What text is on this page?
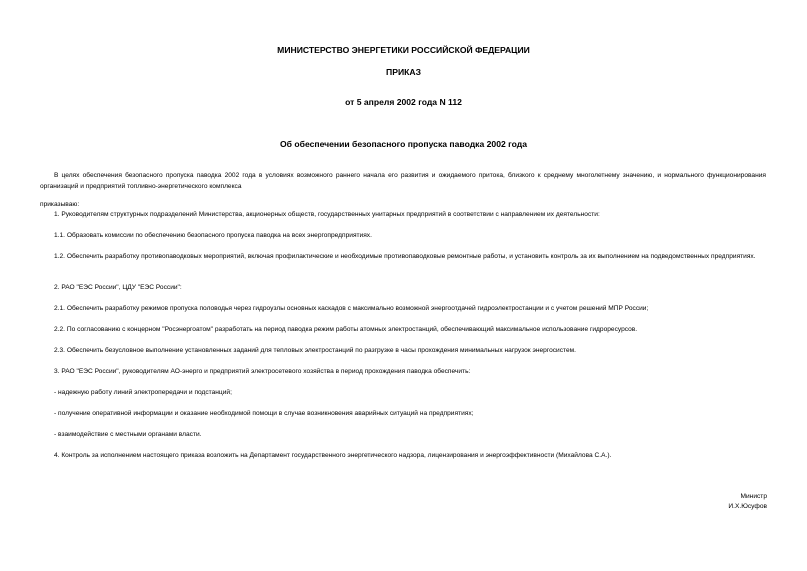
МИНИСТЕРСТВО ЭНЕРГЕТИКИ РОССИЙСКОЙ ФЕДЕРАЦИИ
ПРИКАЗ
от 5 апреля 2002 года N 112
Об обеспечении безопасного пропуска паводка 2002 года
В целях обеспечения безопасного пропуска паводка 2002 года в условиях возможного раннего начала его развития и ожидаемого притока, близкого к среднему многолетнему значению, и нормального функционирования организаций и предприятий топливно-энергетического комплекса
приказываю:
1. Руководителям структурных подразделений Министерства, акционерных обществ, государственных унитарных предприятий в соответствии с направлением их деятельности:
1.1. Образовать комиссии по обеспечению безопасного пропуска паводка на всех энергопредприятиях.
1.2. Обеспечить разработку противопаводковых мероприятий, включая профилактические и необходимые противопаводковые ремонтные работы, и установить контроль за их выполнением на подведомственных предприятиях.
2. РАО "ЕЭС России", ЦДУ "ЕЭС России":
2.1. Обеспечить разработку режимов пропуска половодья через гидроузлы основных каскадов с максимально возможной энергоотдачей гидроэлектростанции и с учетом решений МПР России;
2.2. По согласованию с концерном "Росэнергоатом" разработать на период паводка режим работы атомных электростанций, обеспечивающий максимальное использование гидроресурсов.
2.3. Обеспечить безусловное выполнение установленных заданий для тепловых электростанций по разгрузке в часы прохождения минимальных нагрузок энергосистем.
3. РАО "ЕЭС России", руководителям АО-энерго и предприятий электросетевого хозяйства в период прохождения паводка обеспечить:
- надежную работу линий электропередачи и подстанций;
- получение оперативной информации и оказание необходимой помощи в случае возникновения аварийных ситуаций на предприятиях;
- взаимодействие с местными органами власти.
4. Контроль за исполнением настоящего приказа возложить на Департамент государственного энергетического надзора, лицензирования и энергоэффективности (Михайлова С.А.).
Министр
И.Х.Юсуфов
